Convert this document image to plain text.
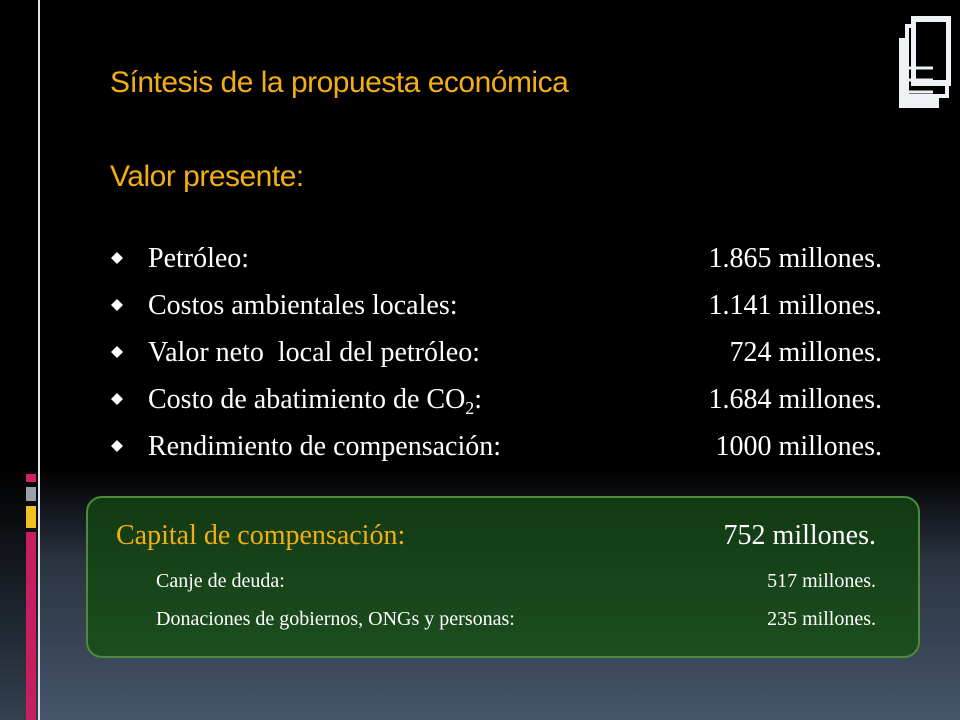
Síntesis de la propuesta económica
Valor presente:
Petróleo:	1.865 millones.
Costos ambientales locales:	1.141 millones.
Valor neto  local del petróleo:	724 millones.
Costo de abatimiento de $CO_2$:	1.684 millones.
Rendimiento de compensación:	1000 millones.
Capital de compensación:	752 millones.
Canje de deuda:	517 millones.
Donaciones de gobiernos, ONGs y personas:	235 millones.
